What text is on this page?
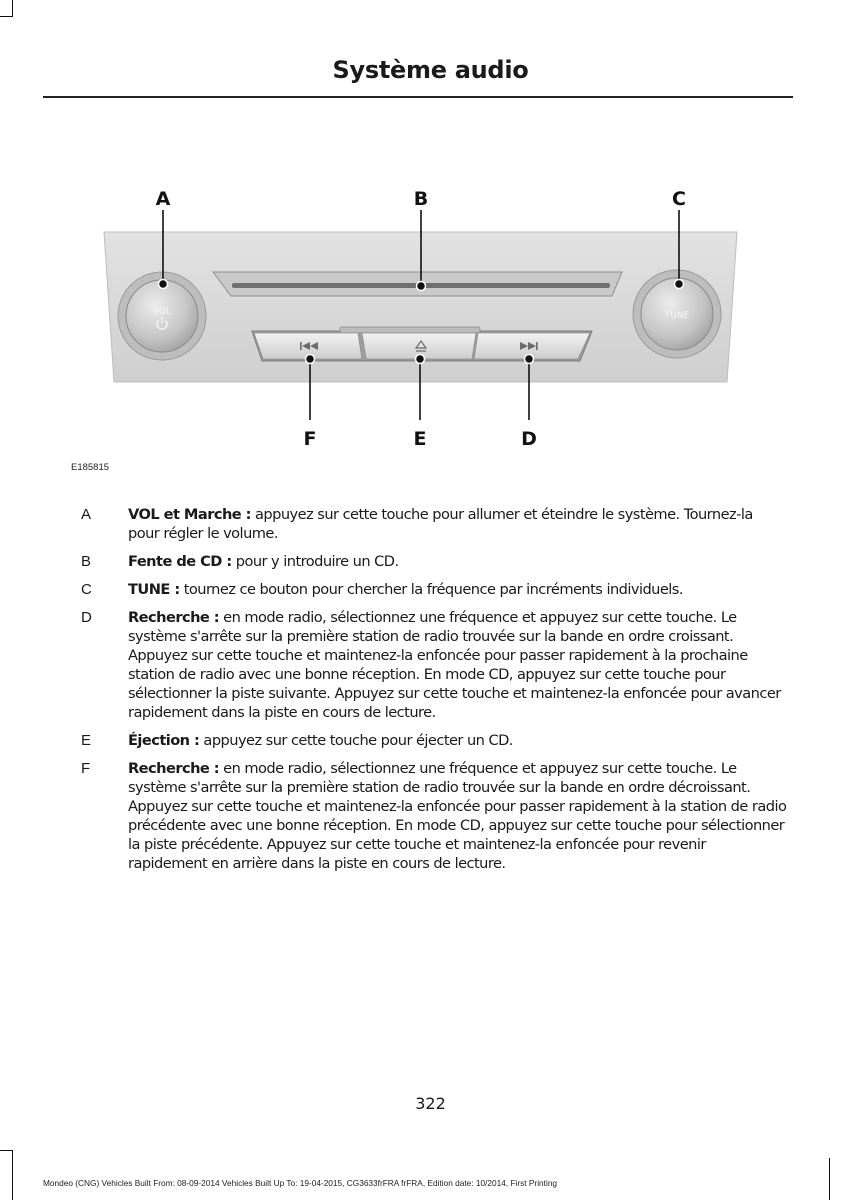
Système audio
VOL	TUNE
A	B	C
F	E	D
E185815
A	VOL et Marche : appuyez sur cette touche pour allumer et éteindre le système. Tournez-la pour régler le volume.
B	Fente de CD : pour y introduire un CD.
C TUNE : tournez ce bouton pour chercher la fréquence par incréments individuels.
D Recherche : en mode radio, sélectionnez une fréquence et appuyez sur cette touche. Le système s'arrête sur la première station de radio trouvée sur la bande en ordre croissant. Appuyez sur cette touche et maintenez-la enfoncée pour passer rapidement à la prochaine station de radio avec une bonne réception. En mode CD, appuyez sur cette touche pour sélectionner la piste suivante. Appuyez sur cette touche et maintenez-la enfoncée pour avancer rapidement dans la piste en cours de lecture.
E	Éjection : appuyez sur cette touche pour éjecter un CD.
F	Recherche : en mode radio, sélectionnez une fréquence et appuyez sur cette touche. Le système s'arrête sur la première station de radio trouvée sur la bande en ordre décroissant. Appuyez sur cette touche et maintenez-la enfoncée pour passer rapidement à la station de radio précédente avec une bonne réception. En mode CD, appuyez sur cette touche pour sélectionner la piste précédente. Appuyez sur cette touche et maintenez-la enfoncée pour revenir rapidement en arrière dans la piste en cours de lecture.
322
Mondeo (CNG) Vehicles Built From: 08-09-2014 Vehicles Built Up To: 19-04-2015, CG3633frFRA frFRA, Edition date: 10/2014, First Printing
